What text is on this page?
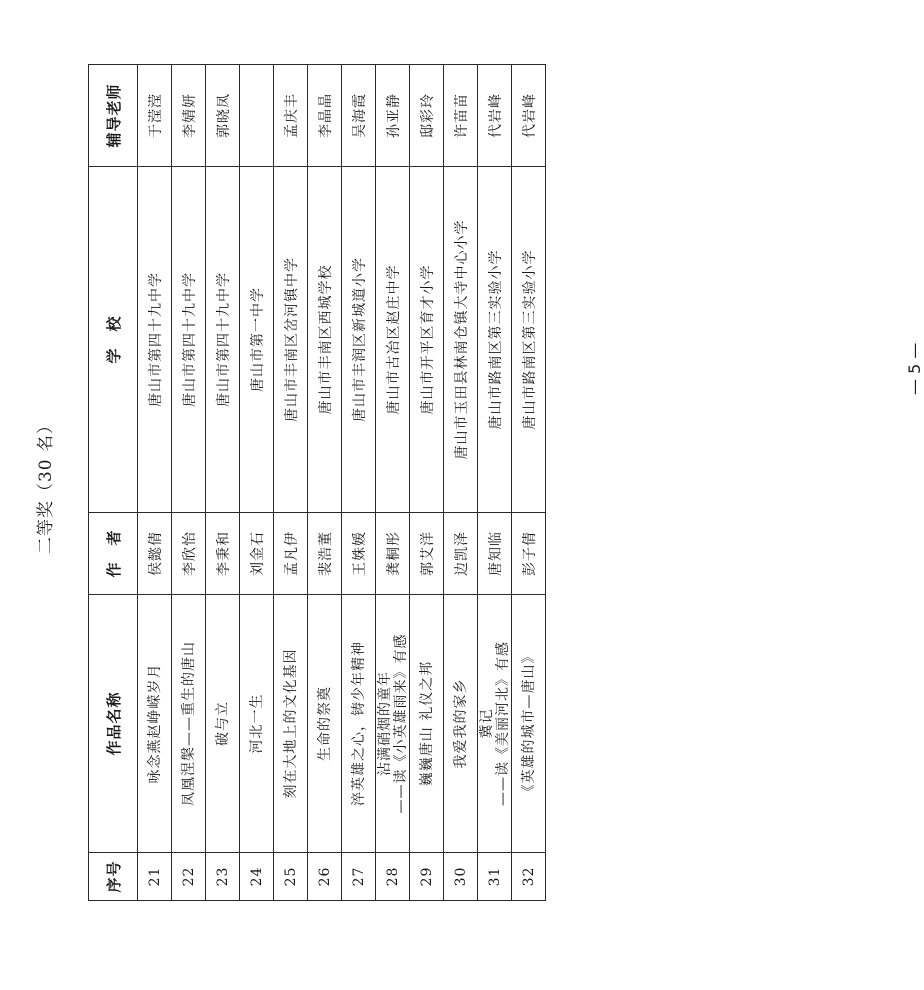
二等奖（30 名）
序号	作品名称	作　者	学　校	辅导老师
21	咏念燕赵峥嵘岁月	侯懿倩	唐山市第四十九中学	于滢滢
22	凤凰涅槃——重生的唐山	李欣怡	唐山市第四十九中学	李婧妍
23	破与立	李秉和	唐山市第四十九中学	郭晓凤
24	河北一生	刘金石	唐山市第一中学	
25	刻在大地上的文化基因	孟凡伊	唐山市丰南区岔河镇中学	孟庆丰
26	生命的祭奠	裴浩董	唐山市丰南区西城学校	李晶晶
27	淬英雄之心，铸少年精神	王姝媛	唐山市丰润区新城道小学	吴海霞
28	沾满硝烟的童年 ——读《小英雄雨来》有感	龚桐彤	唐山市古冶区赵庄中学	孙亚静
29	巍巍唐山 礼仪之邦	郭艾洋	唐山市开平区育才小学	邸彩玲
30	我爱我的家乡	边凯泽	唐山市玉田县林南仓镇大寺中心小学	许苗苗
31	冀记 ——读《美丽河北》有感	唐知临	唐山市路南区第三实验小学	代岩峰
32	《英雄的城市—唐山》	彭子倩	唐山市路南区第三实验小学	代岩峰
— 5 —
